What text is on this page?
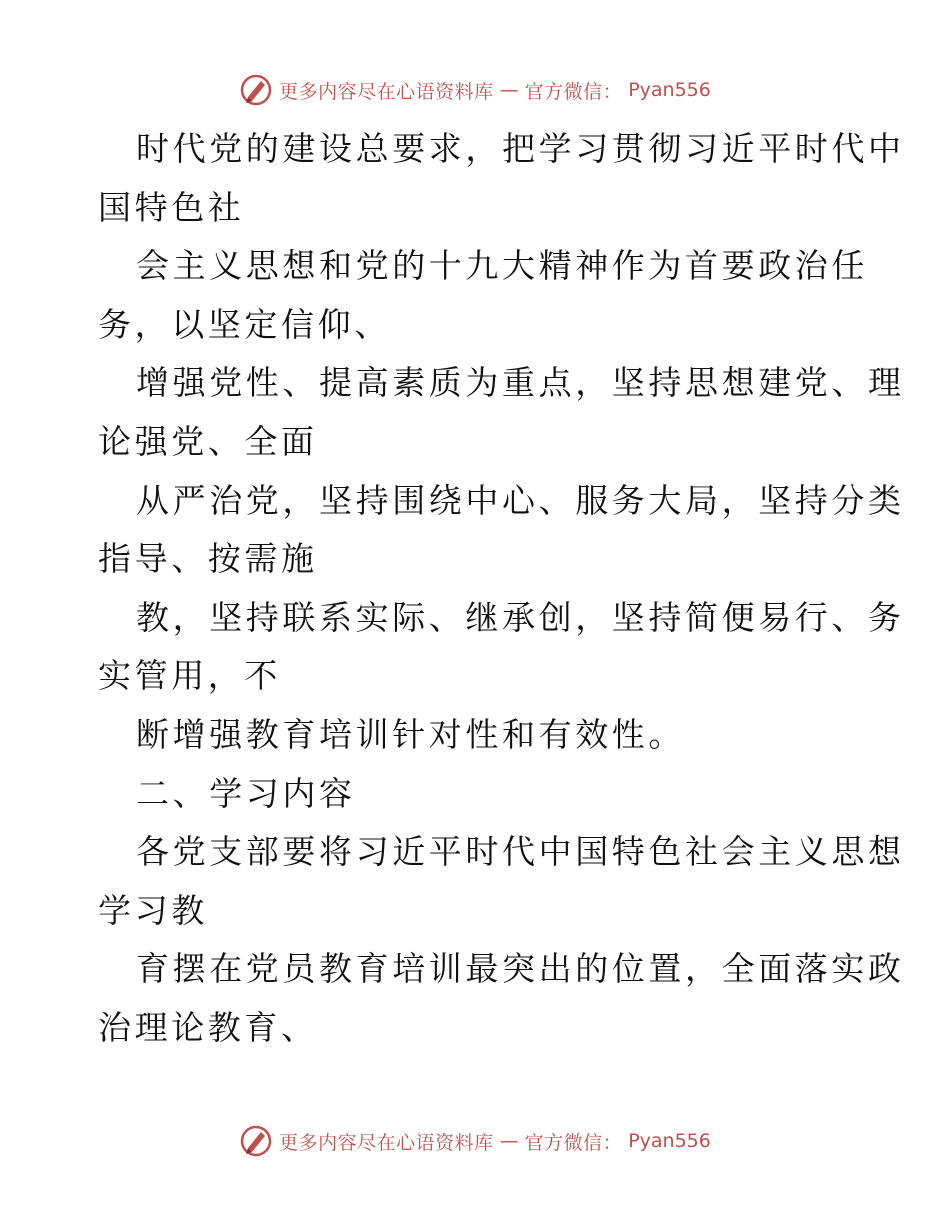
更多内容尽在心语资料库 — 官方微信： Pyan556
时代党的建设总要求，把学习贯彻习近平时代中
国特色社
会主义思想和党的十九大精神作为首要政治任
务，以坚定信仰、
增强党性、提高素质为重点，坚持思想建党、理
论强党、全面
从严治党，坚持围绕中心、服务大局，坚持分类
指导、按需施
教，坚持联系实际、继承创，坚持简便易行、务
实管用，不
断增强教育培训针对性和有效性。
二、学习内容
各党支部要将习近平时代中国特色社会主义思想
学习教
育摆在党员教育培训最突出的位置，全面落实政
治理论教育、
更多内容尽在心语资料库 — 官方微信： Pyan556
